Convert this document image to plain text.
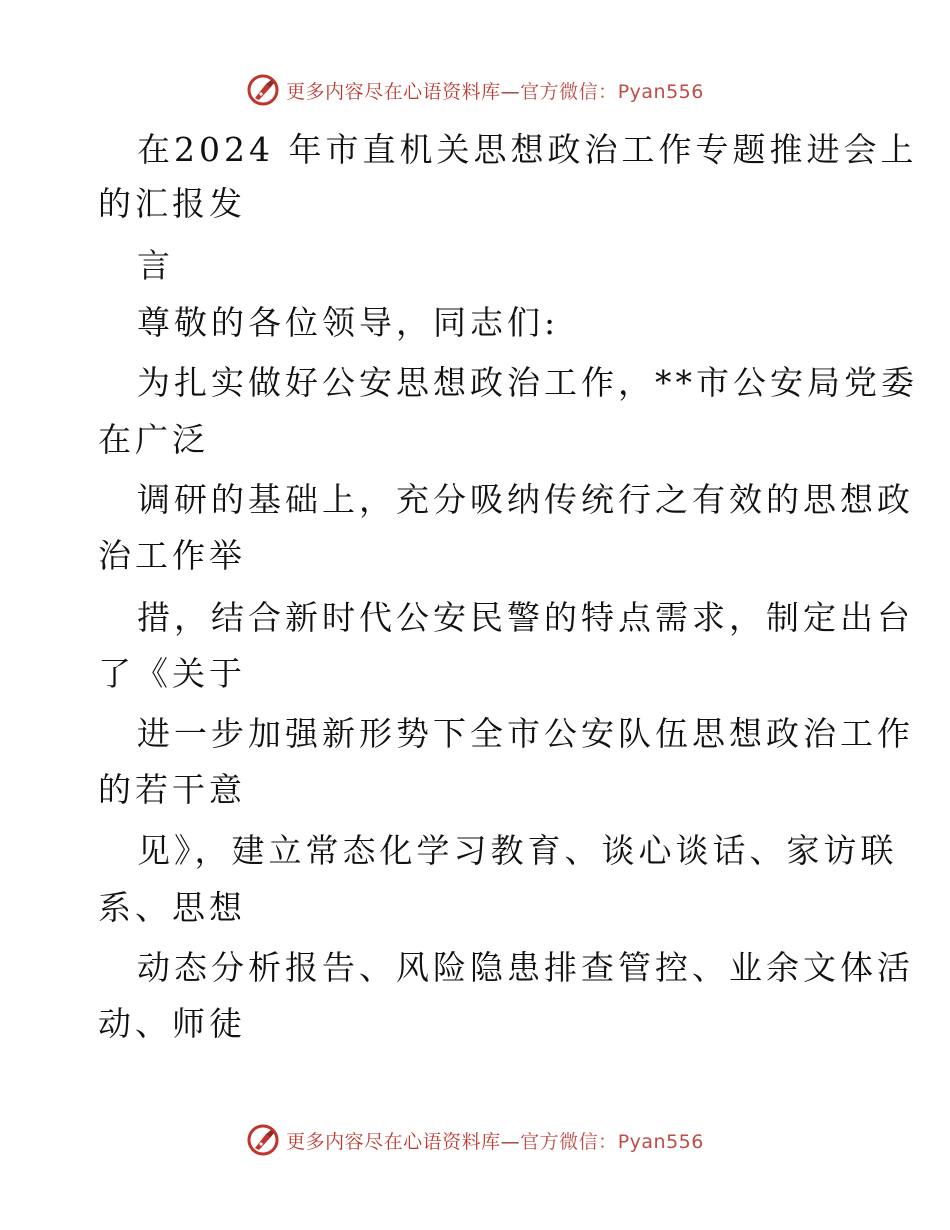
更多内容尽在心语资料库—官方微信：Pyan556
在2024 年市直机关思想政治工作专题推进会上
的汇报发
言
尊敬的各位领导，同志们:
为扎实做好公安思想政治工作，**市公安局党委
在广泛
调研的基础上，充分吸纳传统行之有效的思想政
治工作举
措，结合新时代公安民警的特点需求，制定出台
了《关于
进一步加强新形势下全市公安队伍思想政治工作
的若干意
见》，建立常态化学习教育、谈心谈话、家访联
系、思想
动态分析报告、风险隐患排查管控、业余文体活
动、师徒
更多内容尽在心语资料库—官方微信：Pyan556
